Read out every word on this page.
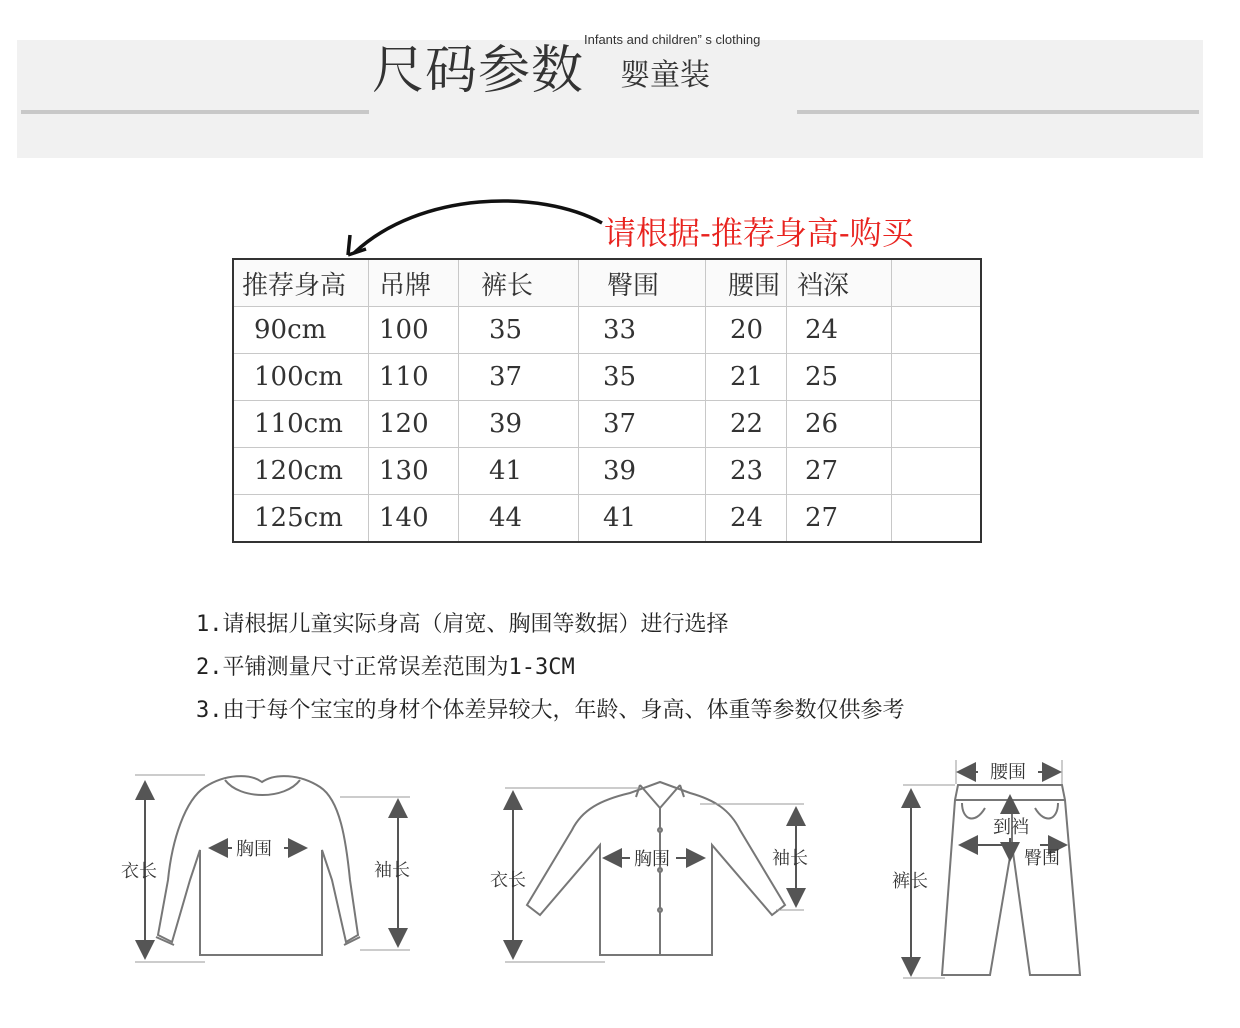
尺码参数
Infants and children” s clothing
婴童装
请根据-推荐身高-购买
推荐身高	吊牌	裤长	臀围	腰围	裆深	
90cm	100	35	33	20	24	
100cm	110	37	35	21	25	
110cm	120	39	37	22	26	
120cm	130	41	39	23	27	
125cm	140	44	41	24	27	
1.请根据儿童实际身高（肩宽、胸围等数据）进行选择
2.平铺测量尺寸正常误差范围为1-3CM
3.由于每个宝宝的身材个体差异较大，年龄、身高、体重等参数仅供参考
衣长
胸围
袖长	衣长
胸围	袖长
腰围
到裆
臀围
裤长
